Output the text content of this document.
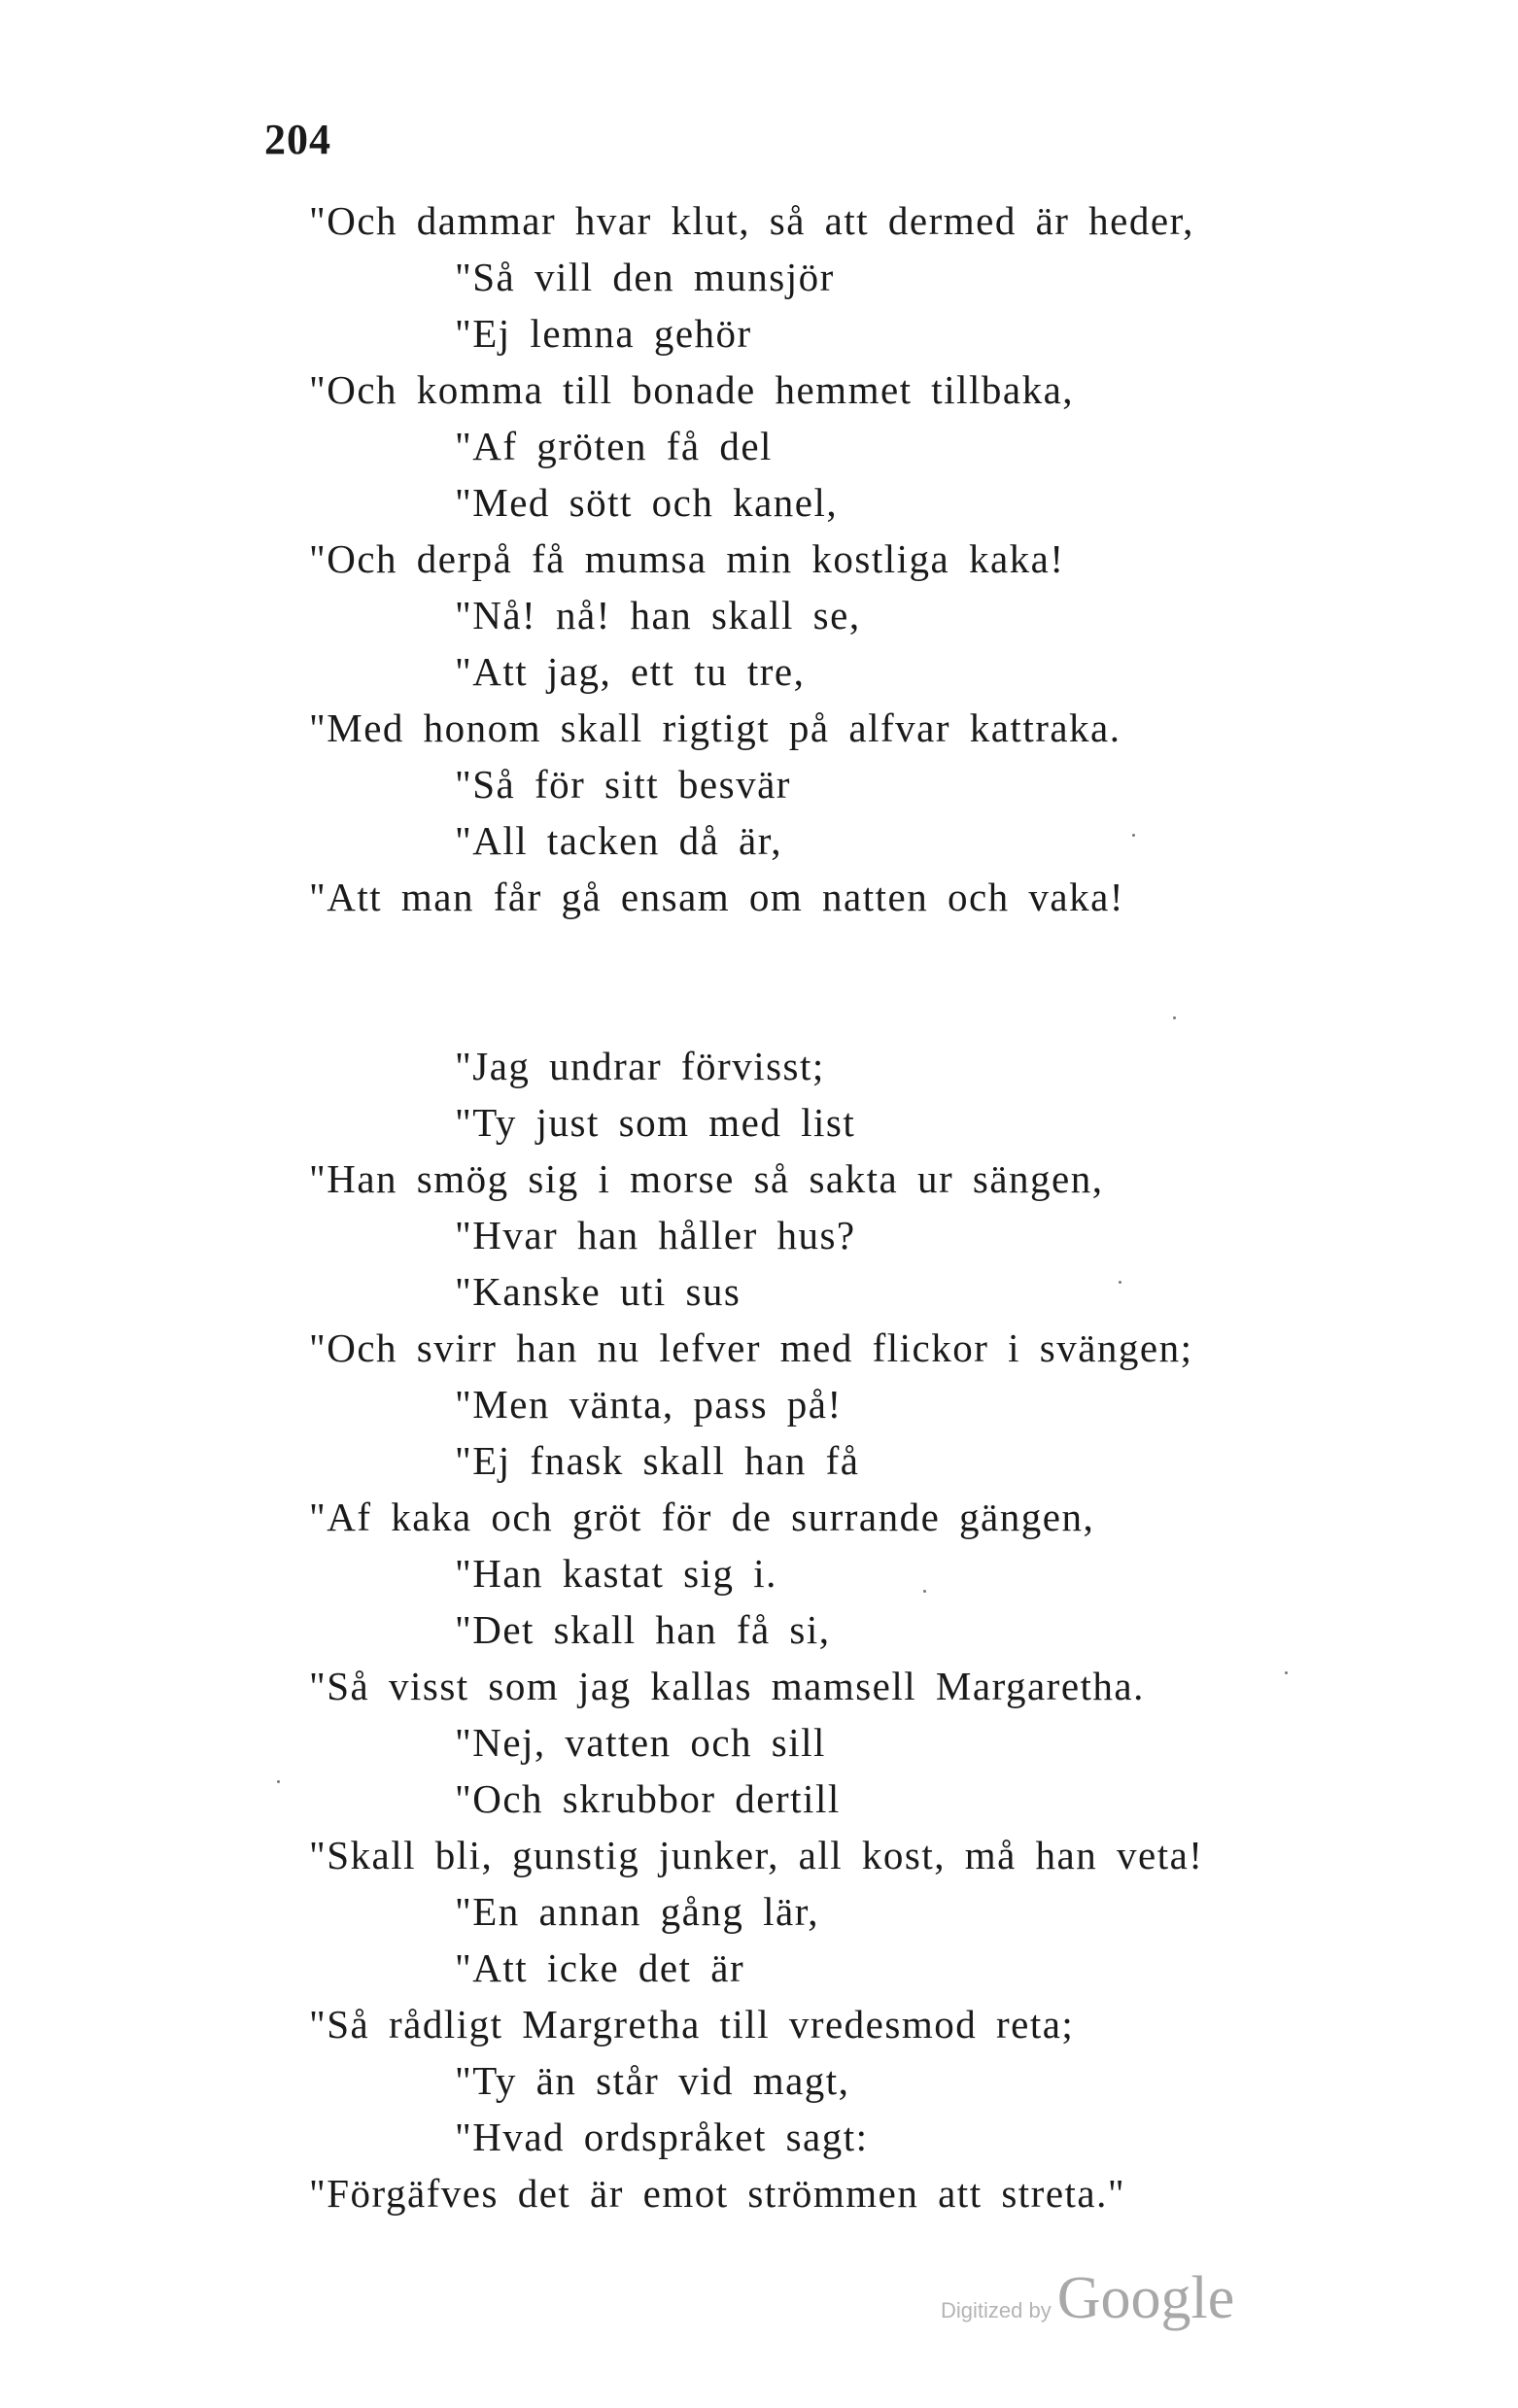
204
"Och dammar hvar klut, så att dermed är heder,
"Så vill den munsjör
"Ej lemna gehör
"Och komma till bonade hemmet tillbaka,
"Af gröten få del
"Med sött och kanel,
"Och derpå få mumsa min kostliga kaka!
"Nå! nå! han skall se,
"Att jag, ett tu tre,
"Med honom skall rigtigt på alfvar kattraka.
"Så för sitt besvär
"All tacken då är,
"Att man får gå ensam om natten och vaka!
"Jag undrar förvisst;
"Ty just som med list
"Han smög sig i morse så sakta ur sängen,
"Hvar han håller hus?
"Kanske uti sus
"Och svirr han nu lefver med flickor i svängen;
"Men vänta, pass på!
"Ej fnask skall han få
"Af kaka och gröt för de surrande gängen,
"Han kastat sig i.
"Det skall han få si,
"Så visst som jag kallas mamsell Margaretha.
"Nej, vatten och sill
"Och skrubbor dertill
"Skall bli, gunstig junker, all kost, må han veta!
"En annan gång lär,
"Att icke det är
"Så rådligt Margretha till vredesmod reta;
"Ty än står vid magt,
"Hvad ordspråket sagt:
"Förgäfves det är emot strömmen att streta."
Digitized byGoogle
